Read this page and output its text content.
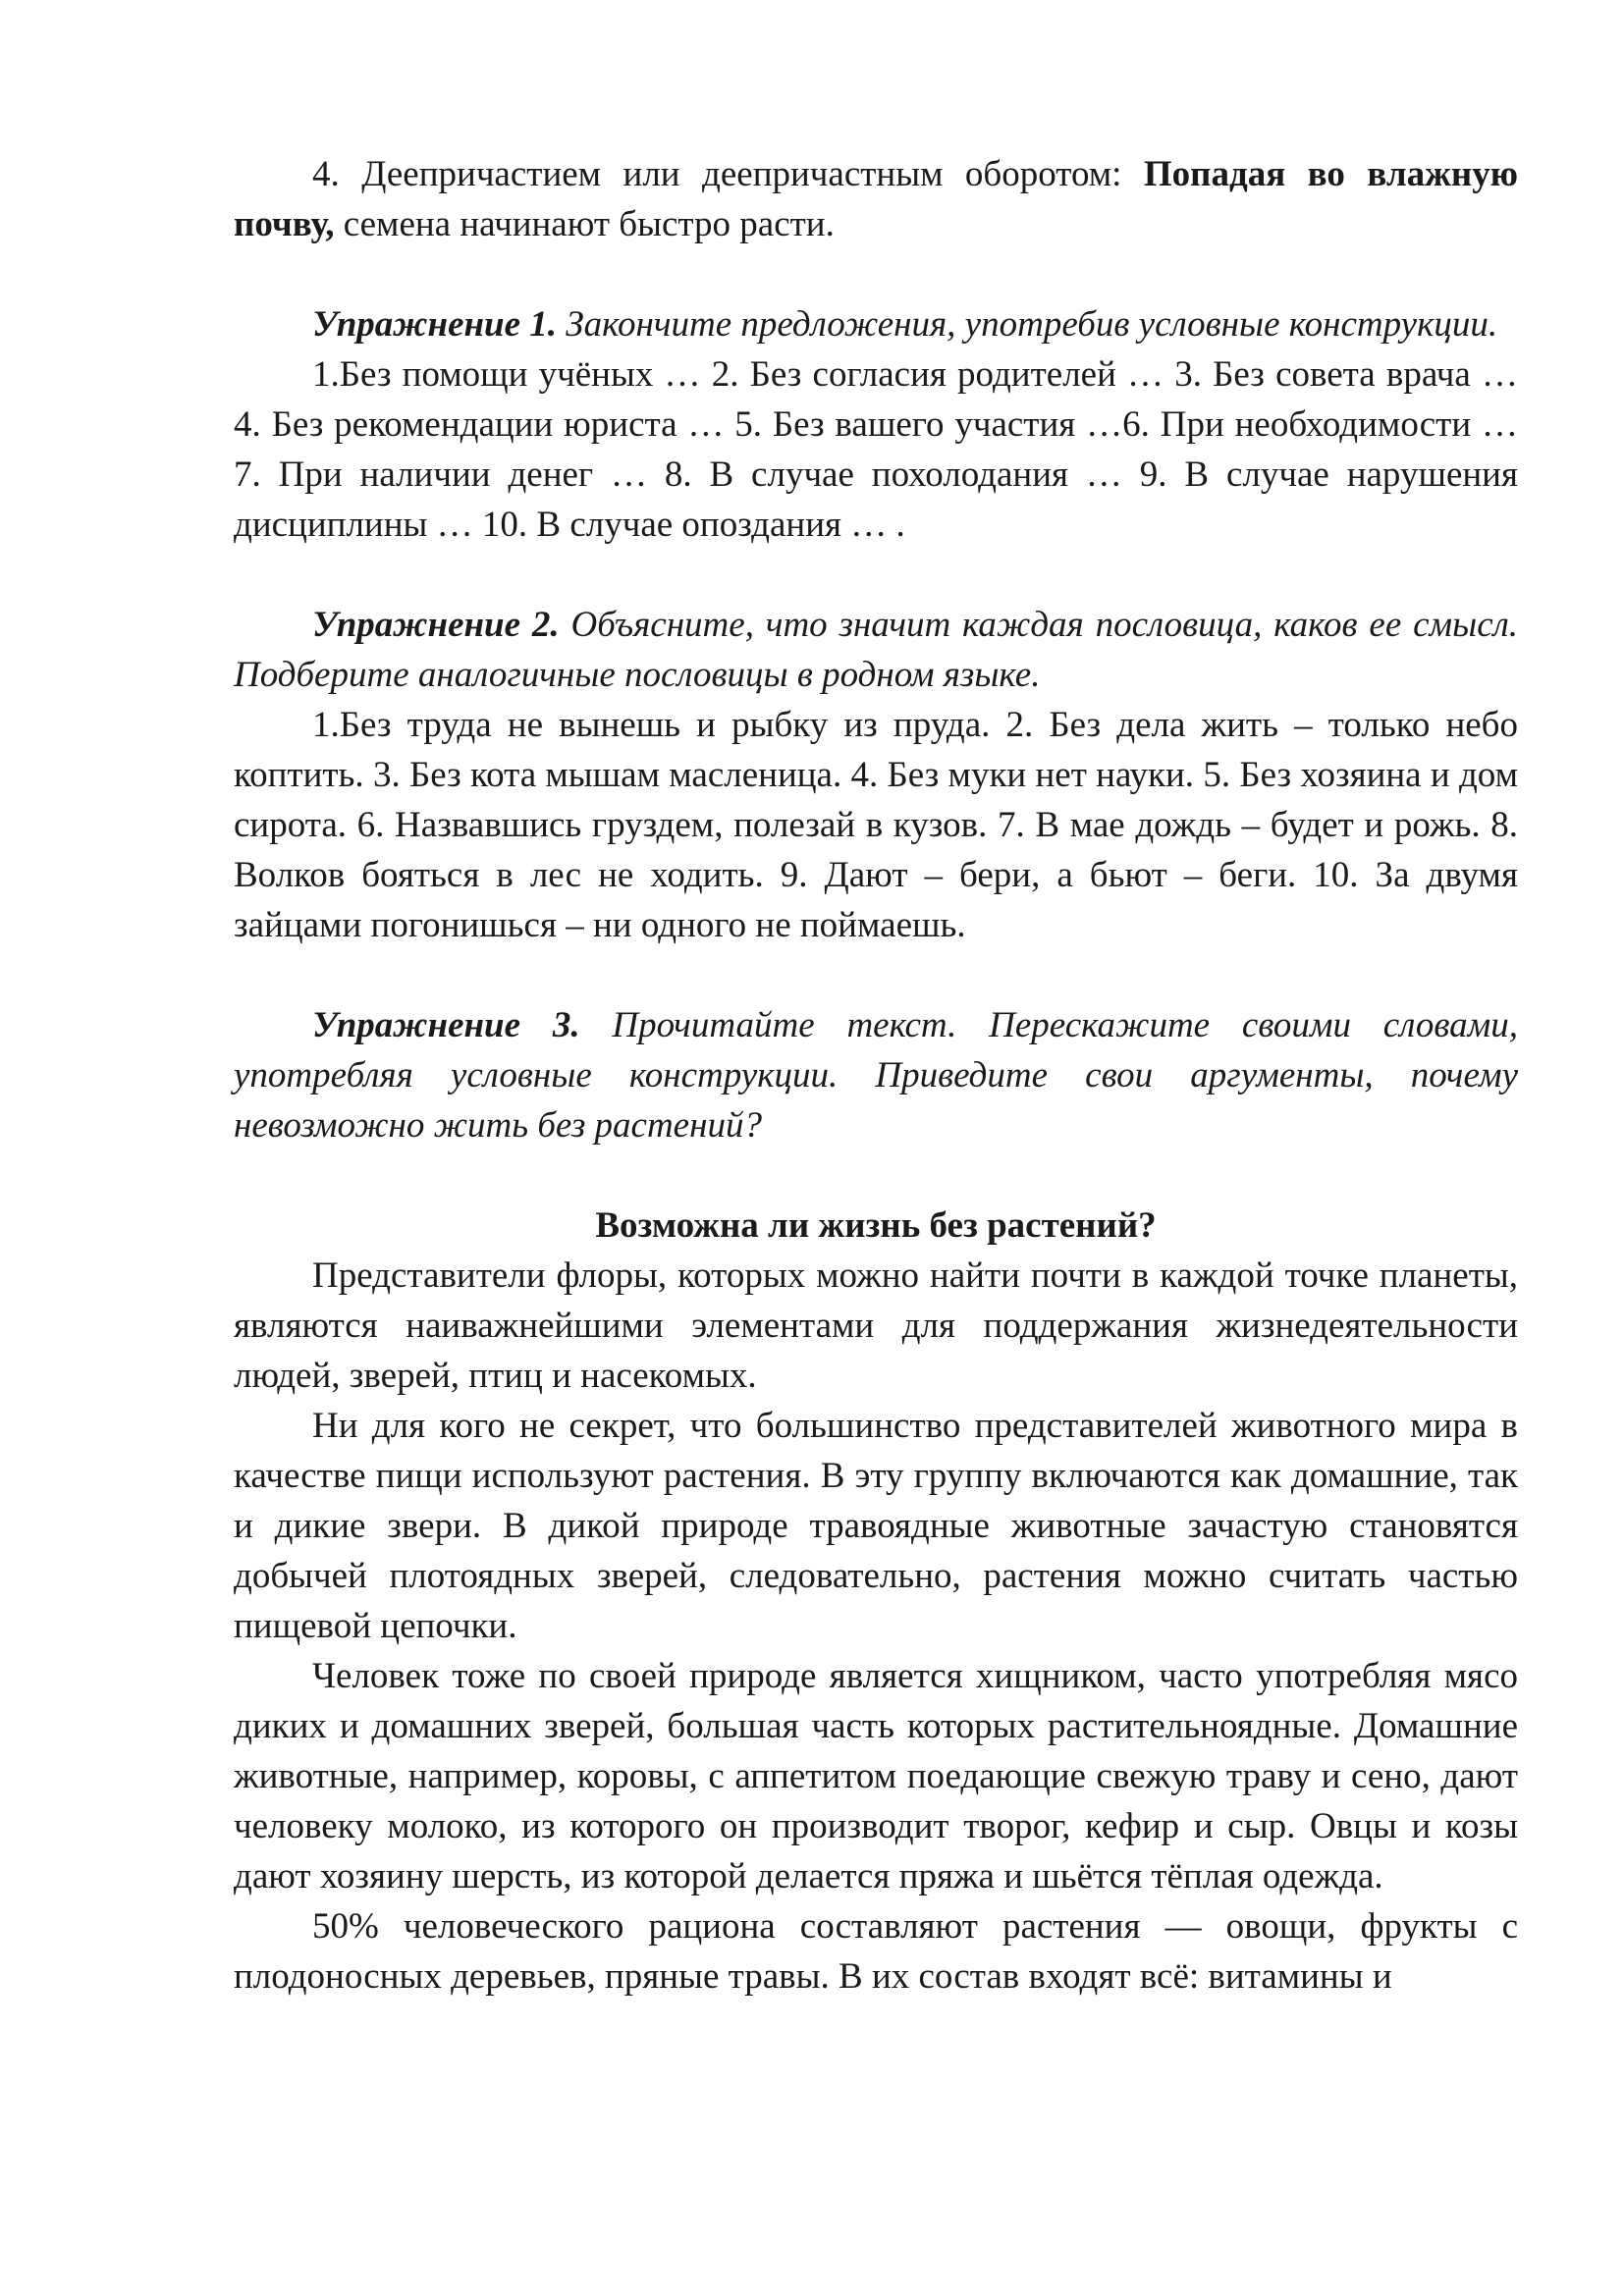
4. Деепричастием или деепричастным оборотом: Попадая во влажную почву, семена начинают быстро расти.

Упражнение 1. Закончите предложения, употребив условные конструкции.

1.Без помощи учёных … 2. Без согласия родителей … 3. Без совета врача … 4. Без рекомендации юриста … 5. Без вашего участия …6. При необходимости … 7. При наличии денег … 8. В случае похолодания … 9. В случае нарушения дисциплины … 10. В случае опоздания … .

Упражнение 2. Объясните, что значит каждая пословица, каков ее смысл. Подберите аналогичные пословицы в родном языке.

1.Без труда не вынешь и рыбку из пруда. 2. Без дела жить – только небо коптить. 3. Без кота мышам масленица. 4. Без муки нет науки. 5. Без хозяина и дом сирота. 6. Назвавшись груздем, полезай в кузов. 7. В мае дождь – будет и рожь. 8. Волков бояться в лес не ходить. 9. Дают – бери, а бьют – беги. 10. За двумя зайцами погонишься – ни одного не поймаешь.

Упражнение 3. Прочитайте текст. Перескажите своими словами, употребляя условные конструкции. Приведите свои аргументы, почему невозможно жить без растений?

Возможна ли жизнь без растений?

Представители флоры, которых можно найти почти в каждой точке планеты, являются наиважнейшими элементами для поддержания жизнедеятельности людей, зверей, птиц и насекомых.

Ни для кого не секрет, что большинство представителей животного мира в качестве пищи используют растения. В эту группу включаются как домашние, так и дикие звери. В дикой природе травоядные животные зачастую становятся добычей плотоядных зверей, следовательно, растения можно считать частью пищевой цепочки.

Человек тоже по своей природе является хищником, часто употребляя мясо диких и домашних зверей, большая часть которых растительноядные. Домашние животные, например, коровы, с аппетитом поедающие свежую траву и сено, дают человеку молоко, из которого он производит творог, кефир и сыр. Овцы и козы дают хозяину шерсть, из которой делается пряжа и шьётся тёплая одежда.

50% человеческого рациона составляют растения — овощи, фрукты с плодоносных деревьев, пряные травы. В их состав входят всё: витамины и
